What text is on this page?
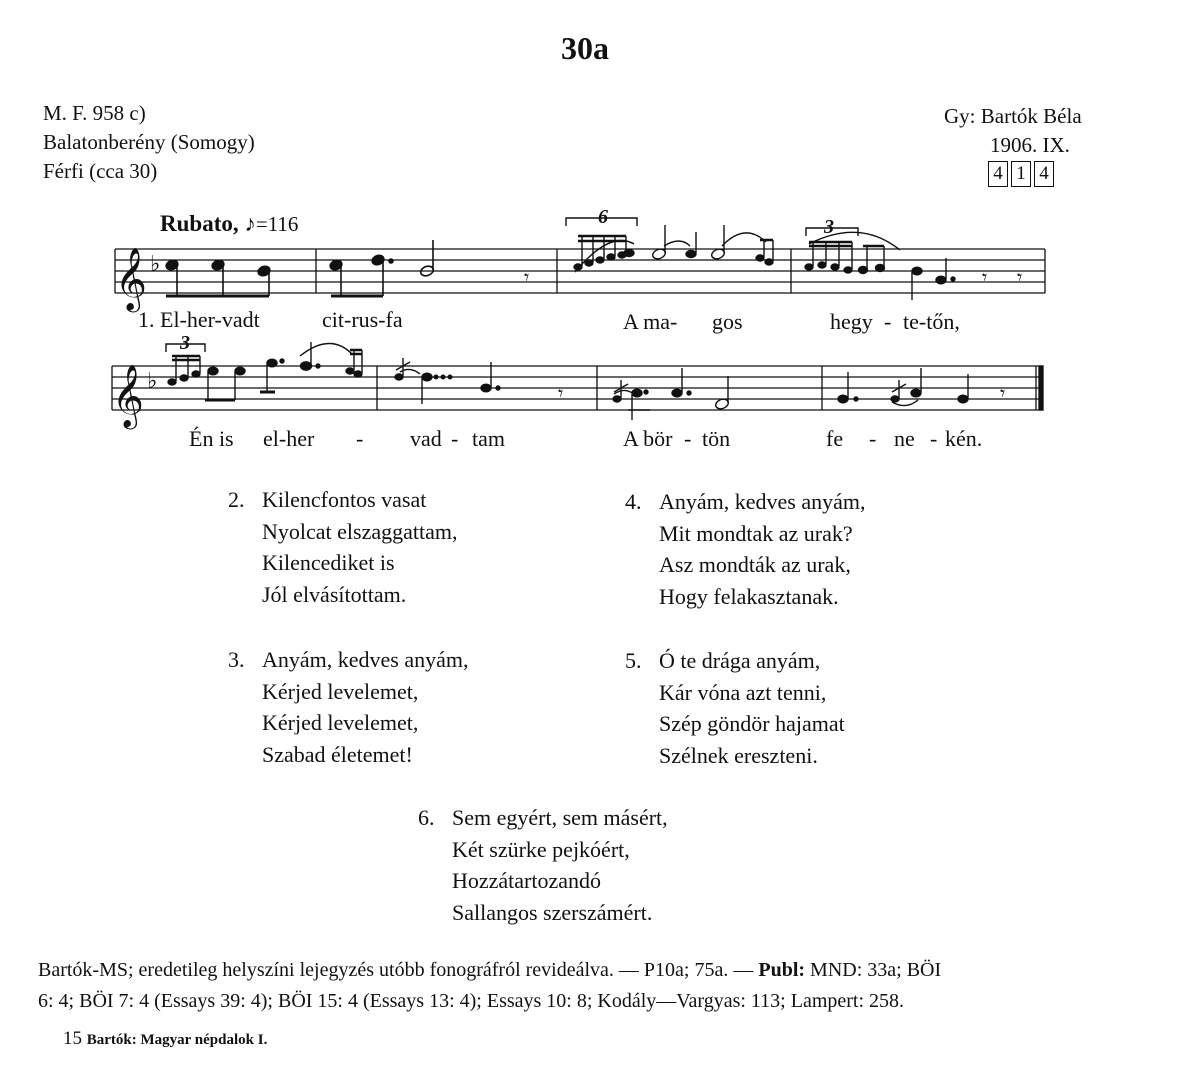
30a
M. F. 958 c)
Balatonberény (Somogy)
Férfi (cca 30)
Gy: Bartók Béla
1906. IX.
4 1 4
Rubato, ♪=116
𝄞 ♭
𝄞 ♭
𝄾	𝄾 𝄾
𝄾	𝄾
6	3
3
1. El-her-vadt	cit-rus-fa	A ma- gos	hegy - te-tőn,
Én is el-her - vad - tam	A bör - tön	fe - ne - kén.
2. Kilencfontos vasat
Nyolcat elszaggattam,
Kilencediket is
Jól elvásítottam.
4. Anyám, kedves anyám,
Mit mondtak az urak?
Asz mondták az urak,
Hogy felakasztanak.
3. Anyám, kedves anyám,
Kérjed levelemet,
Kérjed levelemet,
Szabad életemet!
5. Ó te drága anyám,
Kár vóna azt tenni,
Szép göndör hajamat
Szélnek ereszteni.
6. Sem egyért, sem másért,
Két szürke pejkóért,
Hozzátartozandó
Sallangos szerszámért.
Bartók-MS; eredetileg helyszíni lejegyzés utóbb fonográfról revideálva. — P10a; 75a. — Publ: MND: 33a; BÖI
6: 4; BÖI 7: 4 (Essays 39: 4); BÖI 15: 4 (Essays 13: 4); Essays 10: 8; Kodály—Vargyas: 113; Lampert: 258.
15 Bartók: Magyar népdalok I.
